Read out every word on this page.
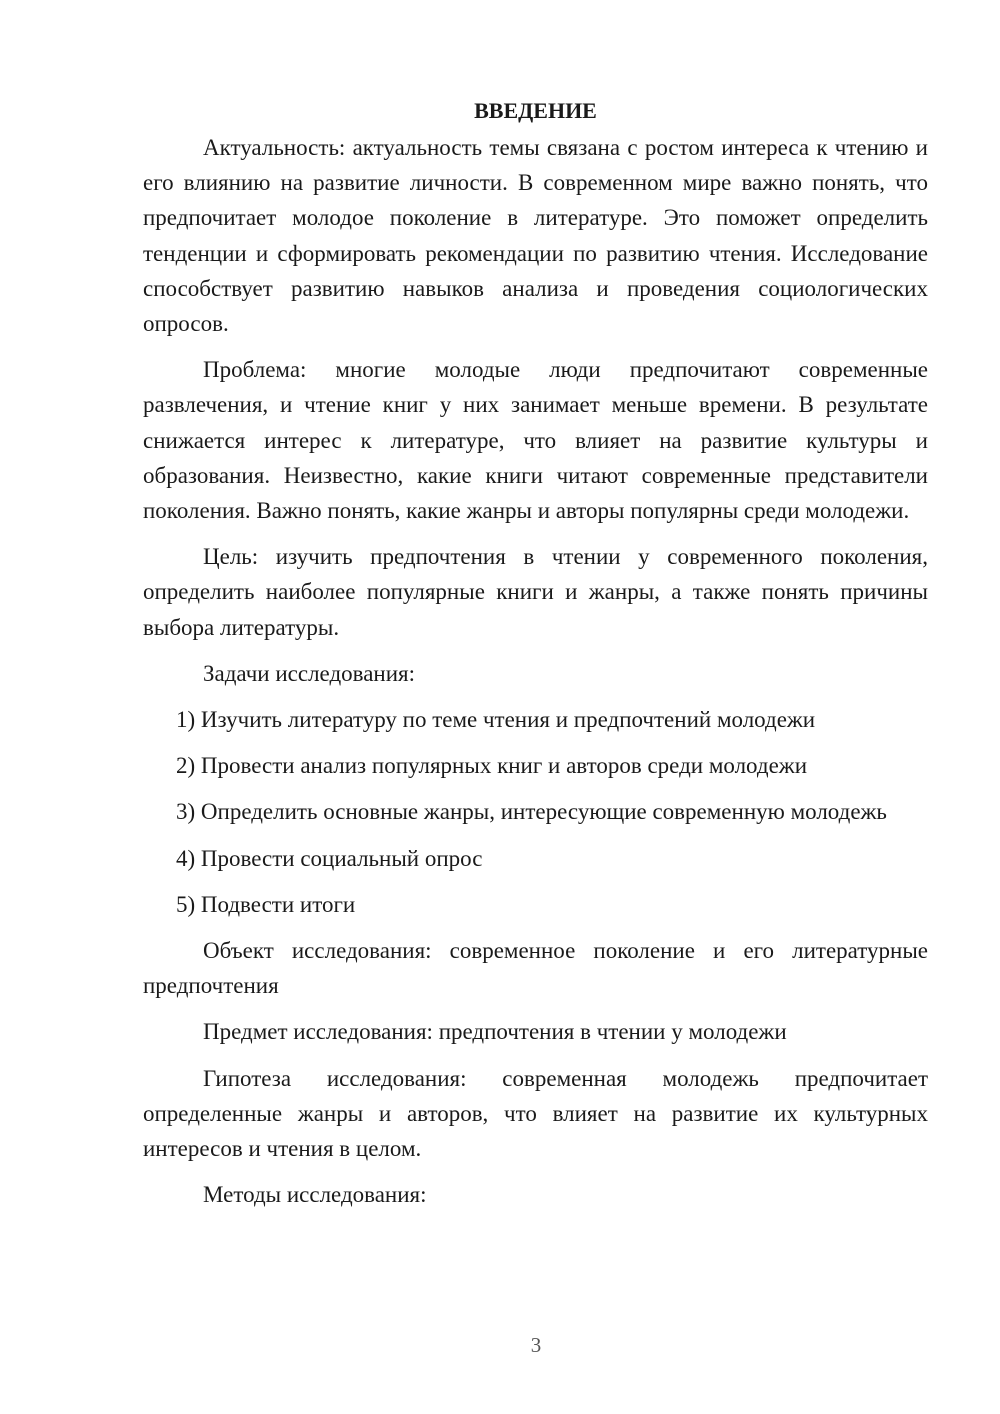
ВВЕДЕНИЕ

Актуальность: актуальность темы связана с ростом интереса к чтению и его влиянию на развитие личности. В современном мире важно понять, что предпочитает молодое поколение в литературе. Это поможет определить тенденции и сформировать рекомендации по развитию чтения. Исследование способствует развитию навыков анализа и проведения социологических опросов.

Проблема: многие молодые люди предпочитают современные развлечения, и чтение книг у них занимает меньше времени. В результате снижается интерес к литературе, что влияет на развитие культуры и образования. Неизвестно, какие книги читают современные представители поколения. Важно понять, какие жанры и авторы популярны среди молодежи.

Цель: изучить предпочтения в чтении у современного поколения, определить наиболее популярные книги и жанры, а также понять причины выбора литературы.

Задачи исследования:

1) Изучить литературу по теме чтения и предпочтений молодежи

2) Провести анализ популярных книг и авторов среди молодежи

3) Определить основные жанры, интересующие современную молодежь

4) Провести социальный опрос

5) Подвести итоги

Объект исследования: современное поколение и его литературные предпочтения

Предмет исследования: предпочтения в чтении у молодежи

Гипотеза исследования: современная молодежь предпочитает определенные жанры и авторов, что влияет на развитие их культурных интересов и чтения в целом.

Методы исследования:

3
